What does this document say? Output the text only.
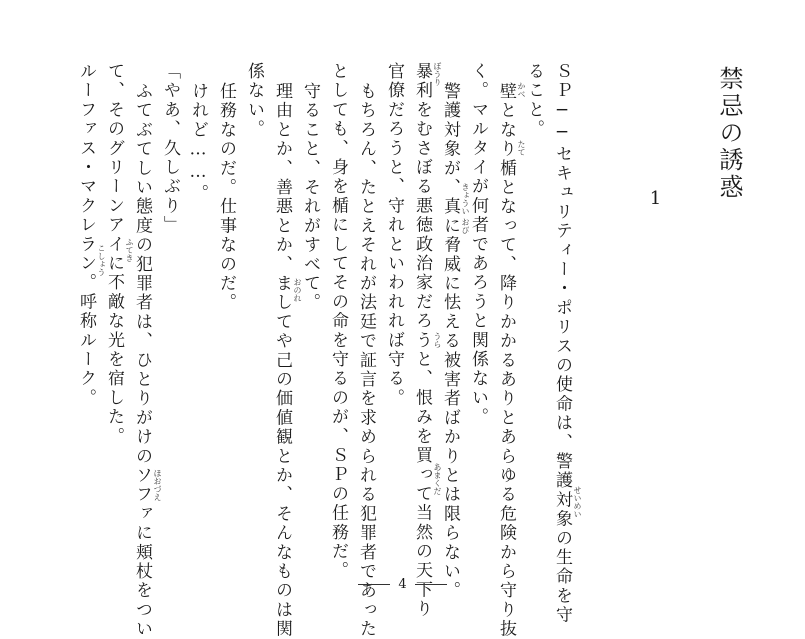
禁忌の誘惑
1
ＳＰ──セキュリティー・ポリスの使命は、警護対象の生命を守
ること。
壁となり楯となって、降りかかるありとあらゆる危険から守り抜
く。マルタイが何者であろうと関係ない。
警護対象が、真に脅威に怯える被害者ばかりとは限らない。
暴利をむさぼる悪徳政治家だろうと、恨みを買って当然の天下り
官僚だろうと、守れといわれれば守る。
もちろん、たとえそれが法廷で証言を求められる犯罪者であった
としても、身を楯にしてその命を守るのが、ＳＰの任務だ。
守ること、それがすべて。
理由とか、善悪とか、ましてや己の価値観とか、そんなものは関
係ない。
任務なのだ。仕事なのだ。
けれど……。
「やあ、久しぶり」
ふてぶてしい態度の犯罪者は、ひとりがけのソファに頬杖をつい
て、そのグリーンアイに不敵な光を宿した。
ルーファス・マクレラン。呼称ルーク。
せいめい
かべ
たて
きょうい
おび
ぼうり
うら
あまくだ
おのれ
ほおづえ
ふてき
こしょう
4
